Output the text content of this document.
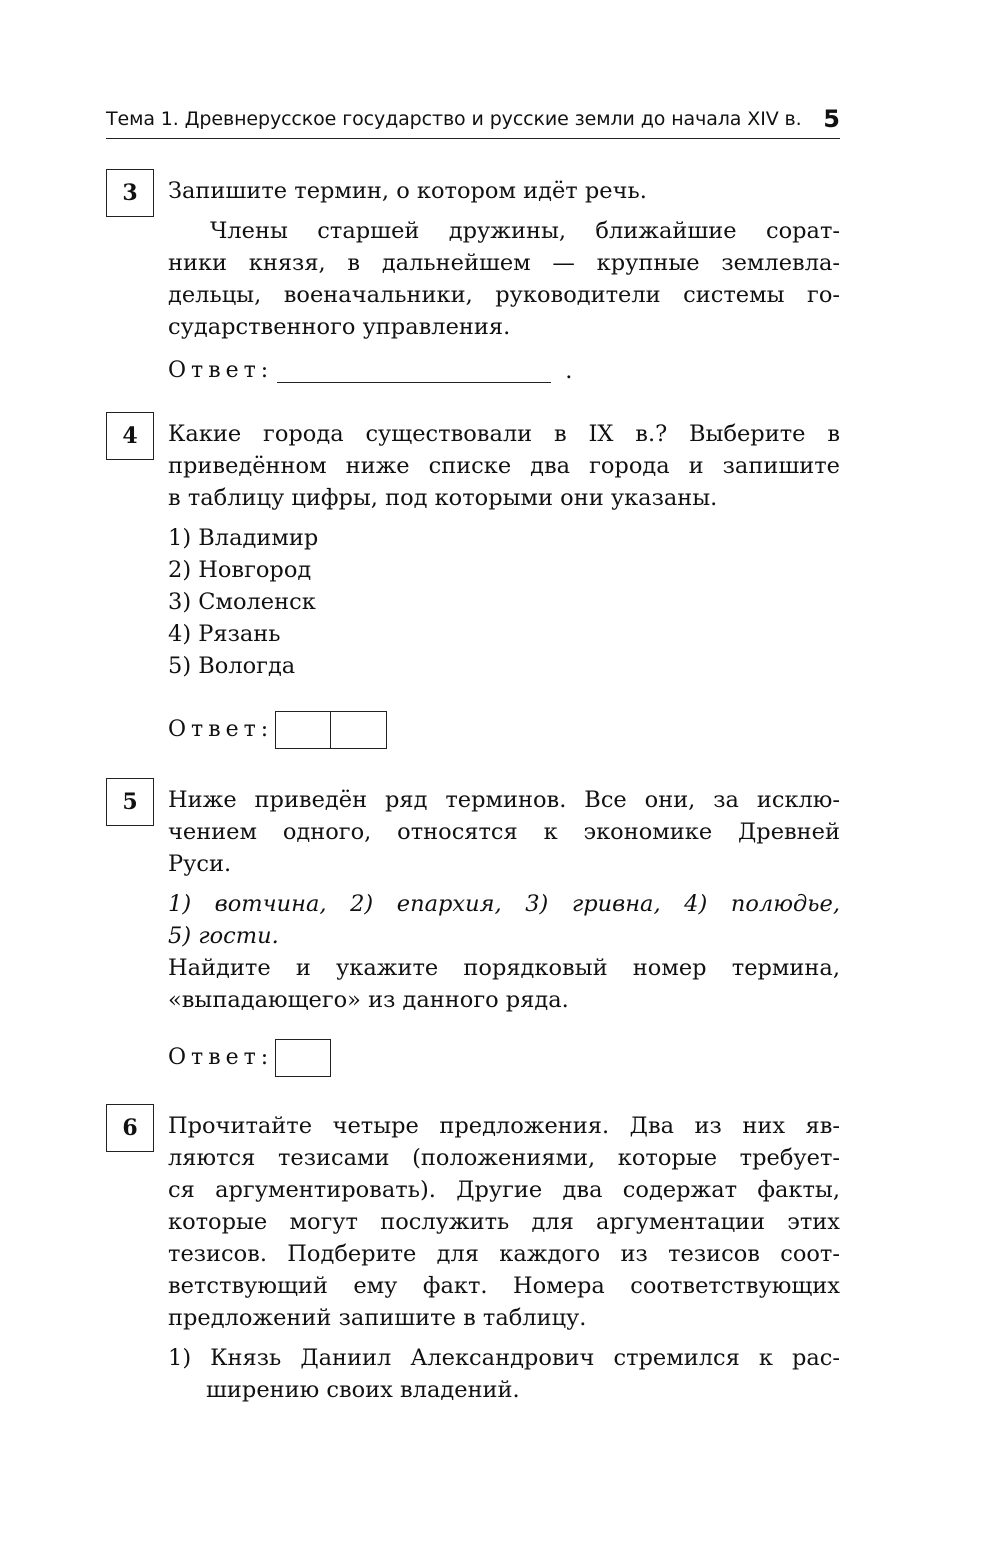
Тема 1. Древнерусское государство и русские земли до начала XIV в. 5
3	Запишите термин, о котором идёт речь.
Члены старшей дружины, ближайшие сорат-
ники князя, в дальнейшем — крупные землевла-
дельцы, военачальники, руководители системы го-
сударственного управления.
Ответ:	.
4	Какие города существовали в IX в.? Выберите в
приведённом ниже списке два города и запишите
в таблицу цифры, под которыми они указаны.
1) Владимир
2) Новгород
3) Смоленск
4) Рязань
5) Вологда
Ответ:
5	Ниже приведён ряд терминов. Все они, за исклю-
чением одного, относятся к экономике Древней
Руси.
1) вотчина, 2) епархия, 3) гривна, 4) полюдье,
5) гости.
Найдите и укажите порядковый номер термина,
«выпадающего» из данного ряда.
Ответ:
6	Прочитайте четыре предложения. Два из них яв-
ляются тезисами (положениями, которые требует-
ся аргументировать). Другие два содержат факты,
которые могут послужить для аргументации этих
тезисов. Подберите для каждого из тезисов соот-
ветствующий ему факт. Номера соответствующих
предложений запишите в таблицу.
1) Князь Даниил Александрович стремился к рас-
ширению своих владений.
